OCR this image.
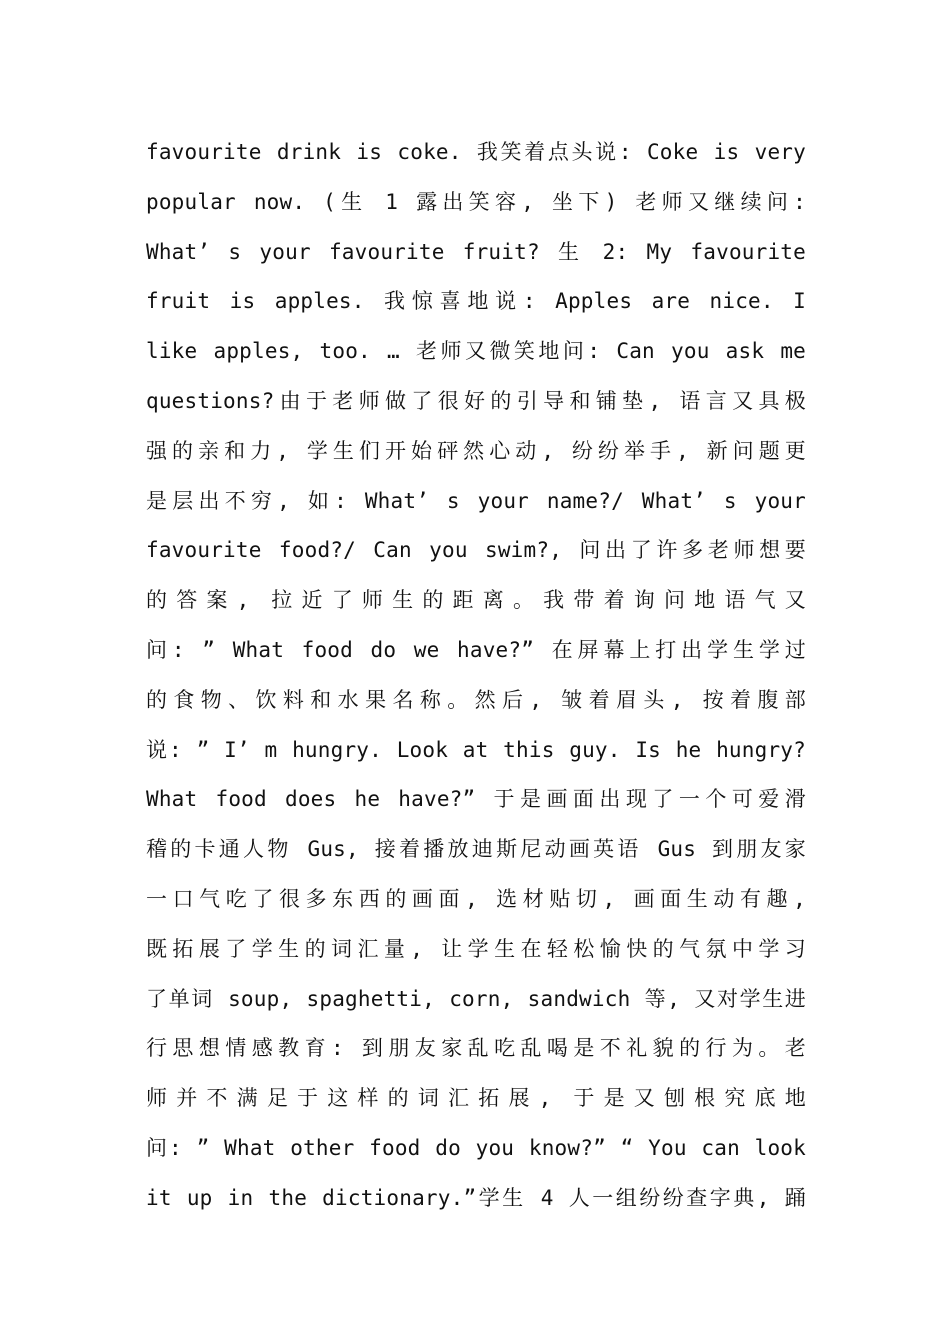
favourite drink is coke. 我笑着点头说: Coke is very
popular now. (生 1 露出笑容, 坐下) 老师又继续问:
What’ s your favourite fruit? 生 2: My favourite
fruit is apples. 我惊喜地说: Apples are nice. I
like apples, too. … 老师又微笑地问: Can you ask me
questions?由于老师做了很好的引导和铺垫, 语言又具极
强的亲和力, 学生们开始砰然心动, 纷纷举手, 新问题更
是层出不穷, 如: What’ s your name?/ What’ s your
favourite food?/ Can you swim?, 问出了许多老师想要
的答案, 拉近了师生的距离。我带着询问地语气又
问: ” What food do we have?” 在屏幕上打出学生学过
的食物、饮料和水果名称。然后, 皱着眉头, 按着腹部
说: ” I’ m hungry. Look at this guy. Is he hungry?
What food does he have?” 于是画面出现了一个可爱滑
稽的卡通人物 Gus, 接着播放迪斯尼动画英语 Gus 到朋友家
一口气吃了很多东西的画面, 选材贴切, 画面生动有趣,
既拓展了学生的词汇量, 让学生在轻松愉快的气氛中学习
了单词 soup, spaghetti, corn, sandwich 等, 又对学生进
行思想情感教育: 到朋友家乱吃乱喝是不礼貌的行为。老
师并不满足于这样的词汇拓展, 于是又刨根究底地
问: ” What other food do you know?” “ You can look
it up in the dictionary.”学生 4 人一组纷纷查字典, 踊
